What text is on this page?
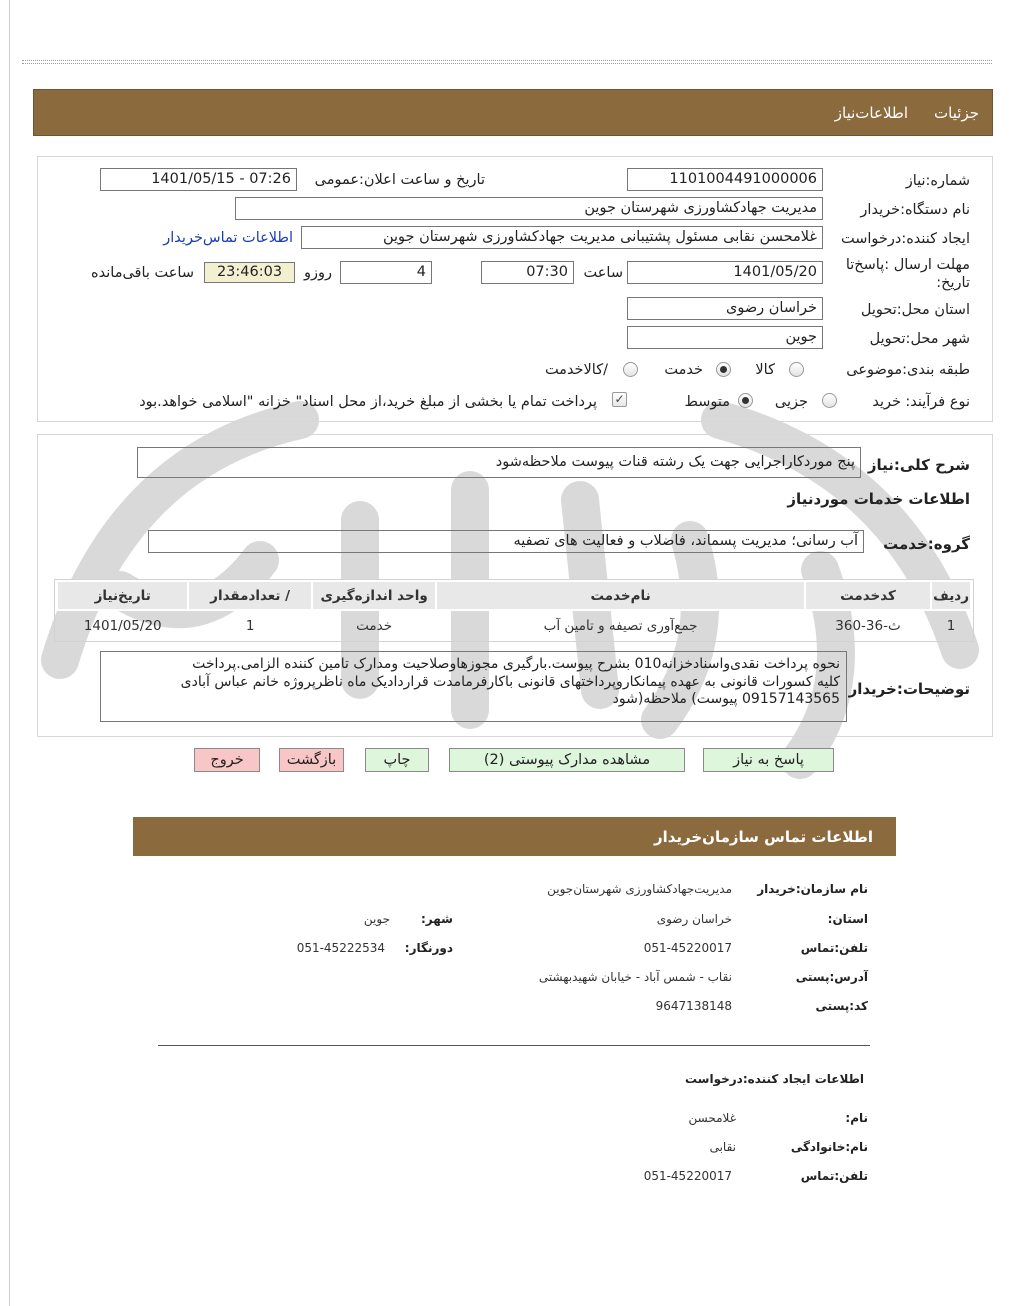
جزئیات
اطلاعات‌نیاز
شماره:نیاز
1101004491000006
تاریخ و ساعت اعلان:عمومی
1401/05/15 - 07:26
نام دستگاه:خریدار
مدیریت جهادکشاورزی شهرستان جوین
ایجاد کننده:درخواست
غلامحسن نقابی مسئول پشتیبانی مدیریت جهادکشاورزی شهرستان جوین
اطلاعات تماس‌خریدار
مهلت ارسال :پاسخ‌تا تاریخ:
1401/05/20
ساعت
07:30
4
روزو
23:46:03
ساعت باقی‌مانده
استان محل:تحویل
خراسان رضوی
شهر محل:تحویل
جوین
طبقه بندی:موضوعی
کالا
خدمت
/کالاخدمت
نوع فرآیند:
خرید
جزیی
متوسط
✓
پرداخت تمام یا بخشی از مبلغ خرید،از محل اسناد" خزانه "اسلامی خواهد.بود
شرح کلی:نیاز
پنج موردکاراجرایی جهت یک رشته قنات پیوست ملاحظه‌شود
اطلاعات خدمات موردنیاز
گروه:خدمت
آب رسانی؛ مدیریت پسماند، فاضلاب و فعالیت های تصفیه
ردیف	کدخدمت	نام‌خدمت	واحد اندازه‌گیری	/ تعدادمقدار	تاریخ‌نیاز
1	ث-36-360	جمع‌آوری تصیفه و تامین آب	خدمت	1	1401/05/20
توضیحات:خریدار
نحوه پرداخت نقدی‌واسنادخزانه010 بشرح پیوست.بارگیری مجوزهاوصلاحیت ومدارک تامین کننده الزامی.پرداخت
کلیه کسورات قانونی به عهده پیمانکاروپرداختهای قانونی باکارفرمامدت قراردادیک ماه ناظرپروژه خانم عباس آبادی
09157143565 پیوست) ملاحظه(شود
پاسخ به نیاز
مشاهده مدارک پیوستی (2)
چاپ
بازگشت
خروج
اطلاعات تماس سازمان‌خریدار
نام سازمان:خریدار
مدیریت‌جهادکشاورزی شهرستان‌جوین
استان:
خراسان رضوی
شهر:
جوین
تلفن:تماس
051-45220017
دورنگار:
051-45222534
آدرس:پستی
نقاب - شمس آباد - خیابان شهیدبهشتی
کد:پستی
9647138148
اطلاعات ایجاد کننده:درخواست
نام:
غلامحسن
نام:خانوادگی
نقابی
تلفن:تماس
051-45220017
